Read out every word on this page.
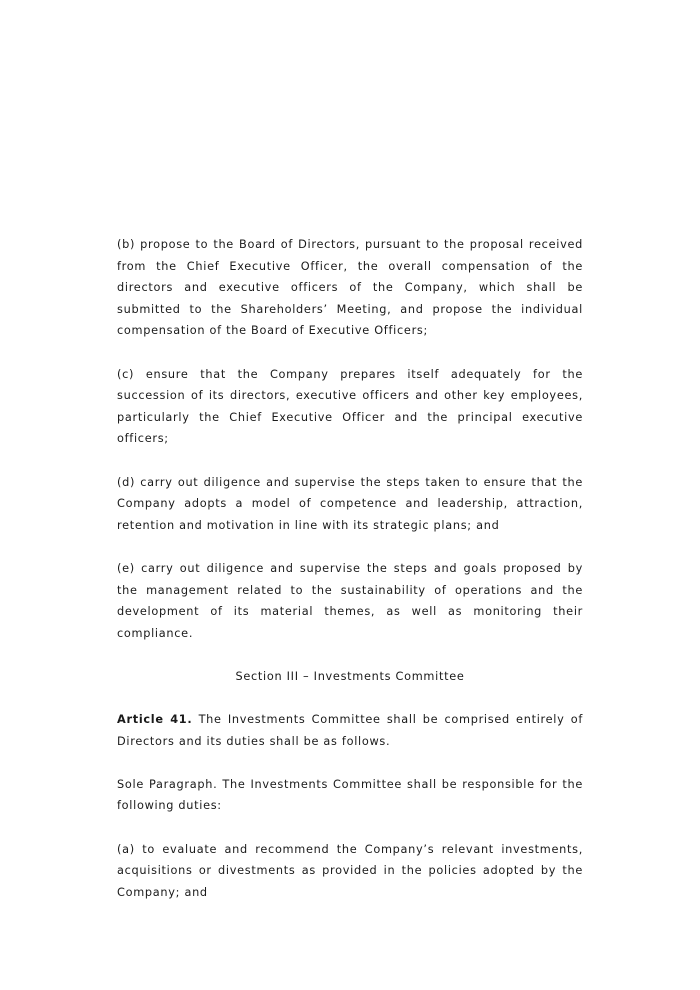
(b) propose to the Board of Directors, pursuant to the proposal received from the Chief Executive Officer, the overall compensation of the directors and executive officers of the Company, which shall be submitted to the Shareholders’ Meeting, and propose the individual compensation of the Board of Executive Officers;

(c) ensure that the Company prepares itself adequately for the succession of its directors, executive officers and other key employees, particularly the Chief Executive Officer and the principal executive officers;

(d) carry out diligence and supervise the steps taken to ensure that the Company adopts a model of competence and leadership, attraction, retention and motivation in line with its strategic plans; and

(e) carry out diligence and supervise the steps and goals proposed by the management related to the sustainability of operations and the development of its material themes, as well as monitoring their compliance.

Section III – Investments Committee

Article 41. The Investments Committee shall be comprised entirely of Directors and its duties shall be as follows.

Sole Paragraph. The Investments Committee shall be responsible for the following duties:

(a) to evaluate and recommend the Company’s relevant investments, acquisitions or divestments as provided in the policies adopted by the Company; and
